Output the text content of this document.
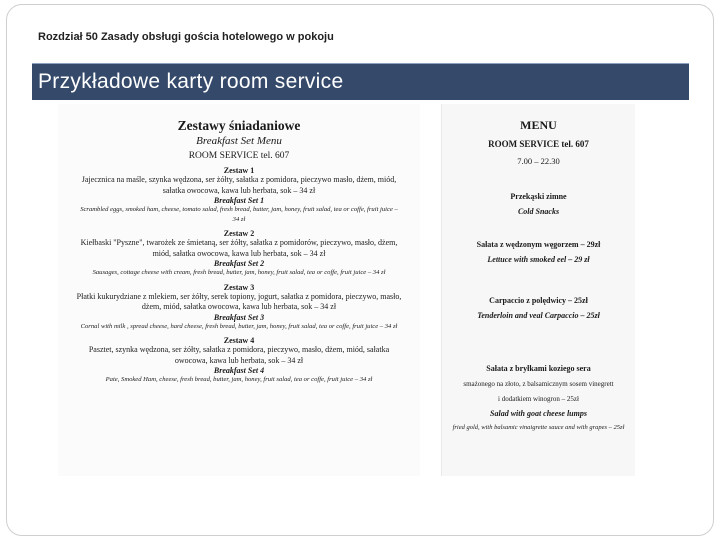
Rozdział 50 Zasady obsługi gościa hotelowego w pokoju
Przykładowe karty room service
Zestawy śniadaniowe
Breakfast Set Menu
ROOM SERVICE tel. 607
Zestaw 1
Jajecznica na maśle, szynka wędzona, ser żółty, sałatka z pomidora, pieczywo masło, dżem, miód, sałatka owocowa, kawa lub herbata, sok – 34 zł
Breakfast Set 1
Scrambled eggs, smoked ham, cheese, tomato salad, fresh bread, butter, jam, honey, fruit salad, tea or coffe, fruit juice – 34 zł
Zestaw 2
Kiełbaski "Pyszne", twarożek ze śmietaną, ser żółty, sałatka z pomidorów, pieczywo, masło, dżem, miód, sałatka owocowa, kawa lub herbata, sok – 34 zł
Breakfast Set 2
Sausages, cottage cheese with cream, fresh bread, butter, jam, honey, fruit salad, tea or coffe, fruit juice – 34 zł
Zestaw 3
Płatki kukurydziane z mlekiem, ser żółty, serek topiony, jogurt, sałatka z pomidora, pieczywo, masło, dżem, miód, sałatka owocowa, kawa lub herbata, sok – 34 zł
Breakfast Set 3
Cornal with milk , spread cheese, hard cheese, fresh bread, butter, jam, honey, fruit salad, tea or coffe, fruit juice – 34 zł
Zestaw 4
Pasztet, szynka wędzona, ser żółty, sałatka z pomidora, pieczywo, masło, dżem, miód, sałatka owocowa, kawa lub herbata, sok – 34 zł
Breakfast Set 4
Pate, Smoked Ham, cheese, fresh bread, butter, jam, honey, fruit salad, tea or coffe, fruit juice – 34 zł
MENU
ROOM SERVICE tel. 607
7.00 – 22.30
Przekąski zimne
Cold Snacks
Sałata z wędzonym węgorzem – 29zł
Lettuce with smoked eel – 29 zł
Carpaccio z polędwicy – 25zł
Tenderloin and veal Carpaccio – 25zł
Sałata z bryłkami koziego sera
smażonego na złoto, z balsamicznym sosem vinegrett
i dodatkiem winogron – 25zł
Salad with goat cheese lumps
fried gold, with balsamic vinaigrette sauce and with grapes – 25zł
